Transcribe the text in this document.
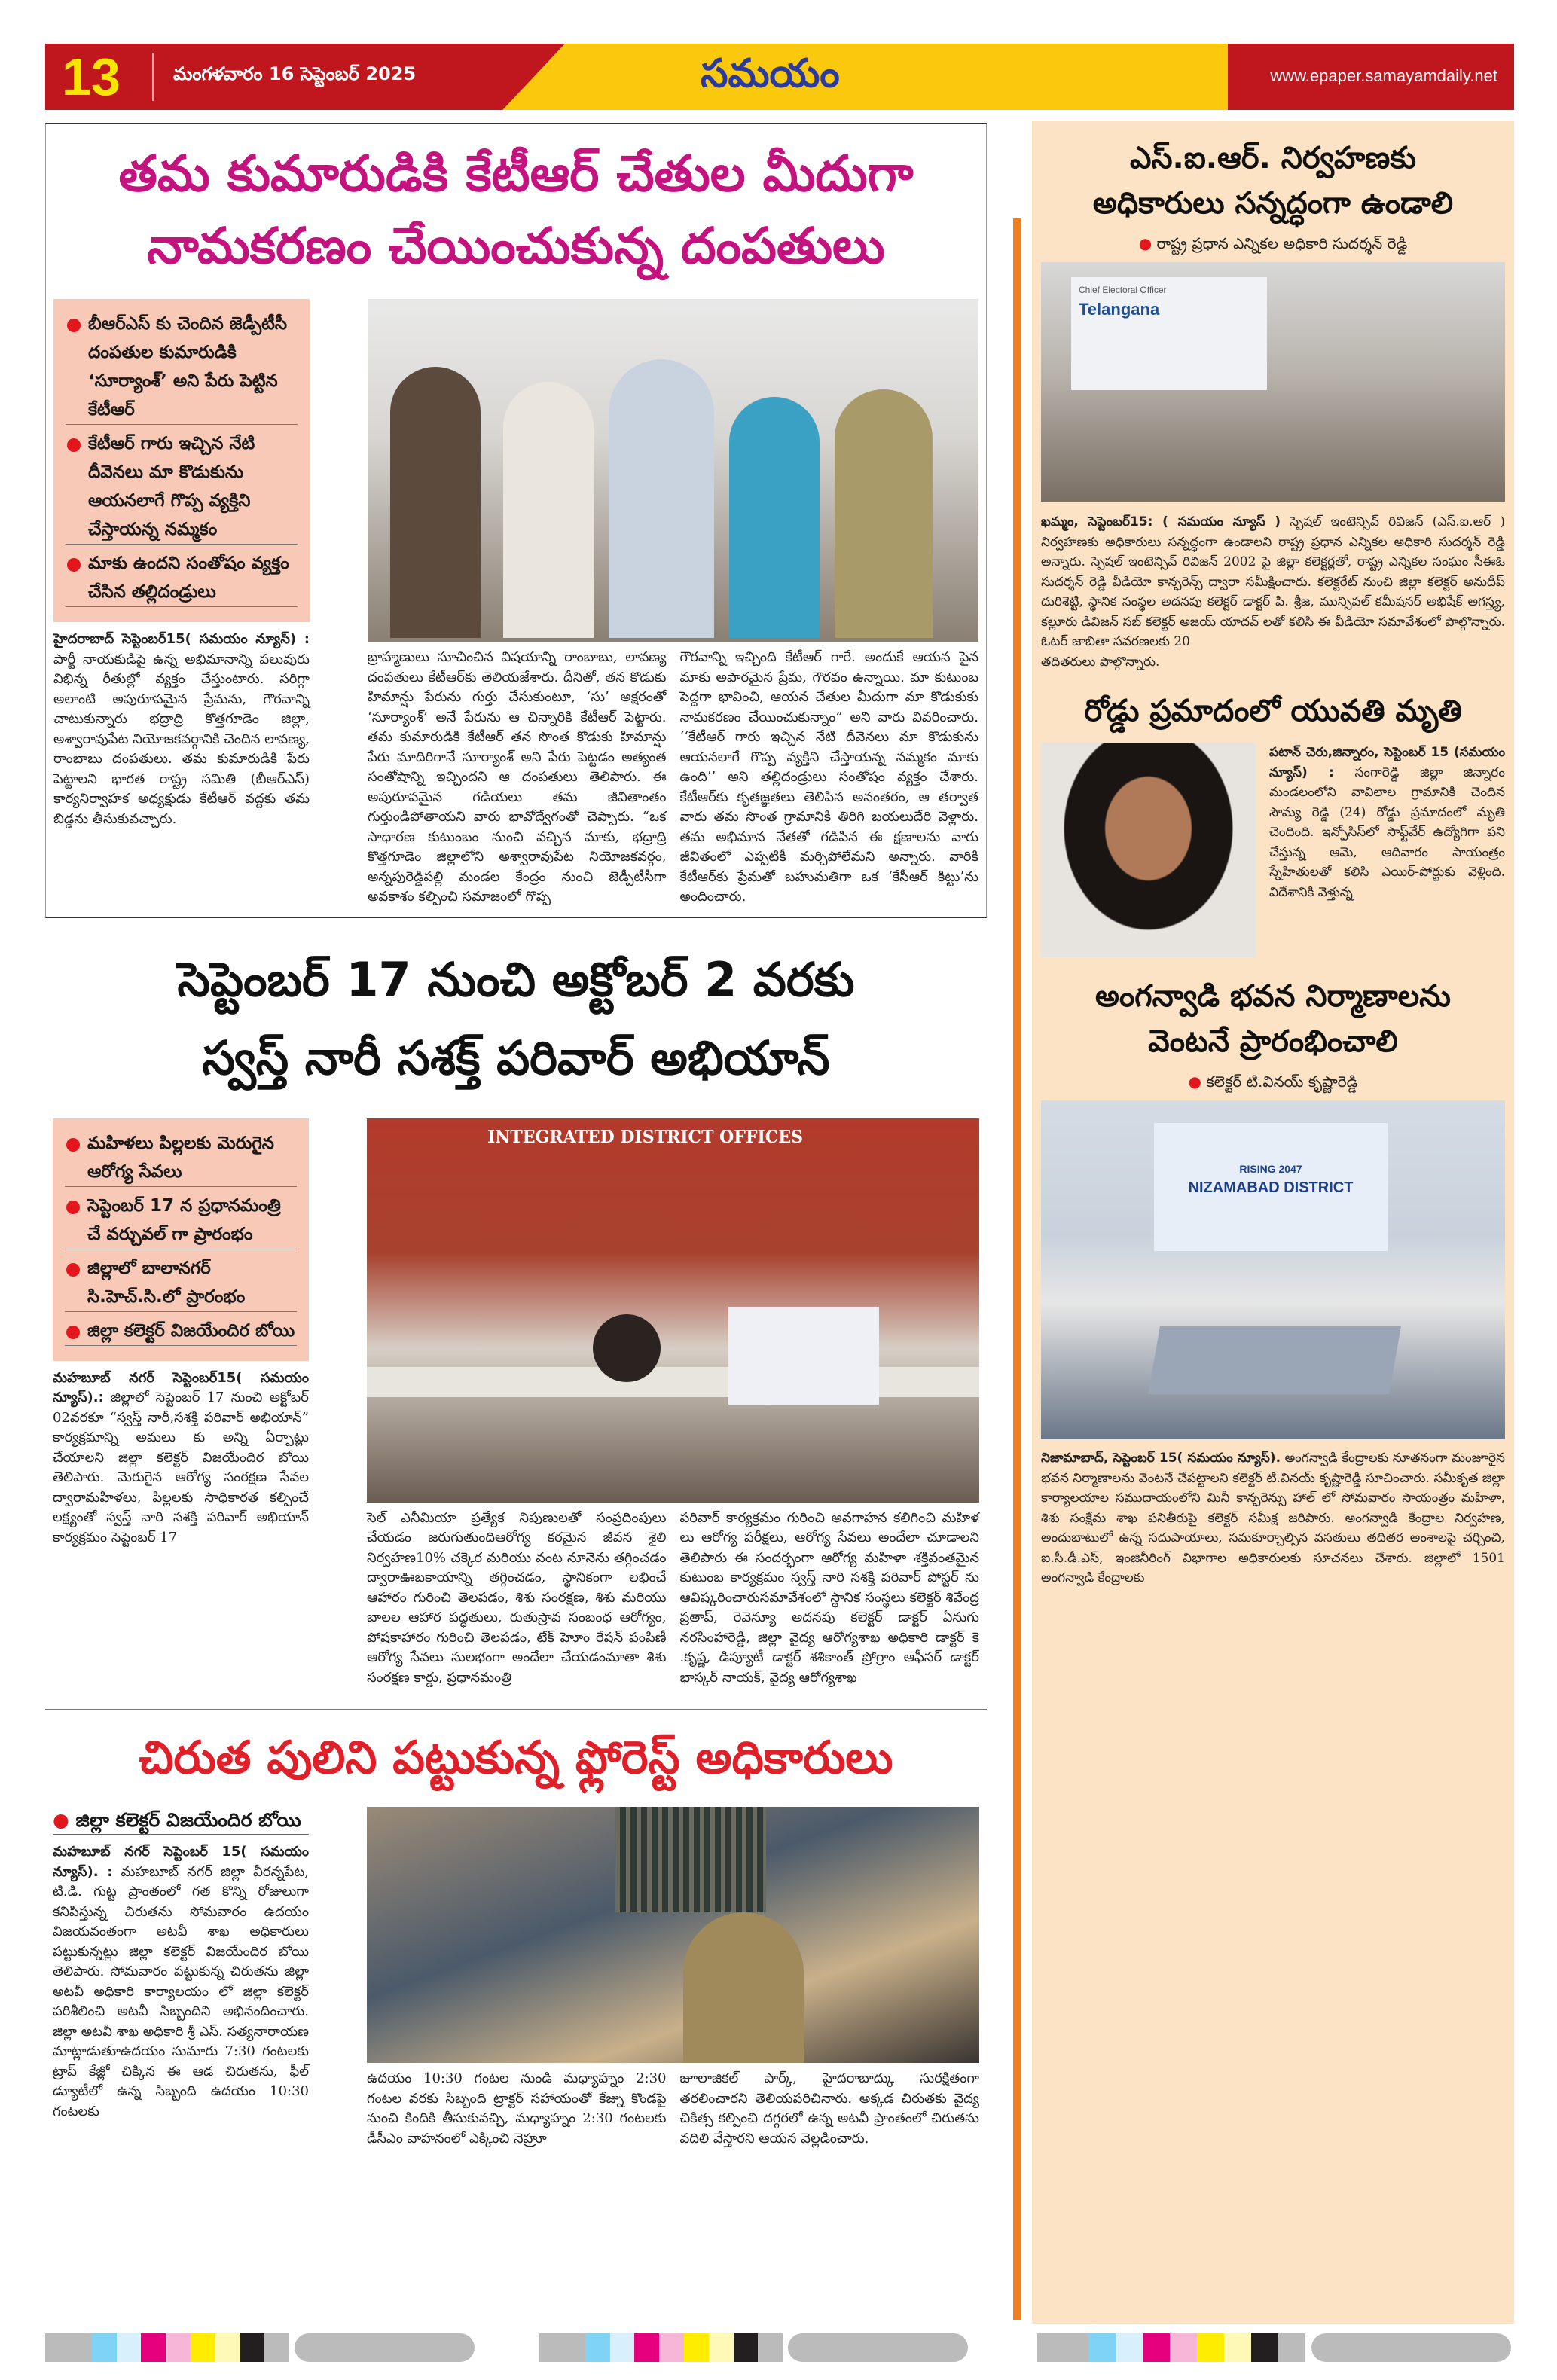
13	మంగళవారం 16 సెప్టెంబర్ 2025	సమయం	www.epaper.samayamdaily.net
తమ కుమారుడికి కేటీఆర్ చేతుల మీదుగా
నామకరణం చేయించుకున్న దంపతులు
బీఆర్ఎస్ కు చెందిన జెడ్పీటీసీ దంపతుల కుమారుడికి ‘సూర్యాంశ్’ అని పేరు పెట్టిన కేటీఆర్
కేటీఆర్ గారు ఇచ్చిన నేటి దీవెనలు మా కొడుకును ఆయనలాగే గొప్ప వ్యక్తిని చేస్తాయన్న నమ్మకం
మాకు ఉందని సంతోషం వ్యక్తం చేసిన తల్లిదండ్రులు
హైదరాబాద్ సెప్టెంబర్15( సమయం న్యూస్) : పార్టీ నాయకుడిపై ఉన్న అభిమానాన్ని పలువురు విభిన్న రీతుల్లో వ్యక్తం చేస్తుంటారు. సరిగ్గా అలాంటి అపురూపమైన ప్రేమను, గౌరవాన్ని చాటుకున్నారు భద్రాద్రి కొత్తగూడెం జిల్లా, అశ్వారావుపేట నియోజకవర్గానికి చెందిన లావణ్య, రాంబాబు దంపతులు. తమ కుమారుడికి పేరు పెట్టాలని భారత రాష్ట్ర సమితి (బీఆర్ఎస్) కార్యనిర్వాహక అధ్యక్షుడు కేటీఆర్ వద్దకు తమ బిడ్డను తీసుకువచ్చారు.
బ్రాహ్మణులు సూచించిన విషయాన్ని రాంబాబు, లావణ్య దంపతులు కేటీఆర్‌కు తెలియజేశారు. దీనితో, తన కొడుకు హిమాన్షు పేరును గుర్తు చేసుకుంటూ, ‘సు’ అక్షరంతో ‘సూర్యాంశ్’ అనే పేరును ఆ చిన్నారికి కేటీఆర్ పెట్టారు. తమ కుమారుడికి కేటీఆర్ తన సొంత కొడుకు హిమాన్షు పేరు మాదిరిగానే సూర్యాంశ్ అని పేరు పెట్టడం అత్యంత సంతోషాన్ని ఇచ్చిందని ఆ దంపతులు తెలిపారు. ఈ అపురూపమైన గడియలు తమ జీవితాంతం గుర్తుండిపోతాయని వారు భావోద్వేగంతో చెప్పారు. “ఒక సాధారణ కుటుంబం నుంచి వచ్చిన మాకు, భద్రాద్రి కొత్తగూడెం జిల్లాలోని అశ్వారావుపేట నియోజకవర్గం, అన్నపురెడ్డిపల్లి మండల కేంద్రం నుంచి జెడ్పీటీసీగా అవకాశం కల్పించి సమాజంలో గొప్ప
గౌరవాన్ని ఇచ్చింది కేటీఆర్ గారే. అందుకే ఆయన పైన మాకు అపారమైన ప్రేమ, గౌరవం ఉన్నాయి. మా కుటుంబ పెద్దగా భావించి, ఆయన చేతుల మీదుగా మా కొడుకుకు నామకరణం చేయించుకున్నాం” అని వారు వివరించారు. ‘‘కేటీఆర్ గారు ఇచ్చిన నేటి దీవెనలు మా కొడుకును ఆయనలాగే గొప్ప వ్యక్తిని చేస్తాయన్న నమ్మకం మాకు ఉంది’’ అని తల్లిదండ్రులు సంతోషం వ్యక్తం చేశారు. కేటీఆర్‌కు కృతజ్ఞతలు తెలిపిన అనంతరం, ఆ తర్వాత వారు తమ సొంత గ్రామానికి తిరిగి బయలుదేరి వెళ్లారు. తమ అభిమాన నేతతో గడిపిన ఈ క్షణాలను వారు జీవితంలో ఎప్పటికీ మర్చిపోలేమని అన్నారు. వారికి కేటీఆర్‌కు ప్రేమతో బహుమతిగా ఒక ‘కేసీఆర్ కిట్టు’ను అందించారు.
సెప్టెంబర్ 17 నుంచి అక్టోబర్ 2 వరకు
స్వస్త్ నారీ సశక్త్ పరివార్ అభియాన్
మహిళలు పిల్లలకు మెరుగైన ఆరోగ్య సేవలు
సెప్టెంబర్ 17 న ప్రధానమంత్రి చే వర్చువల్ గా ప్రారంభం
జిల్లాలో బాలానగర్ సి.హెచ్.సి.లో ప్రారంభం
జిల్లా కలెక్టర్ విజయేందిర బోయి
మహబూబ్ నగర్ సెప్టెంబర్15( సమయం న్యూస్).: జిల్లాలో సెప్టెంబర్ 17 నుంచి అక్టోబర్ 02వరకూ “స్వస్త్ నారీ,సశక్తి పరివార్ అభియాన్” కార్యక్రమాన్ని అమలు కు అన్ని ఏర్పాట్లు చేయాలని జిల్లా కలెక్టర్ విజయేందిర బోయి తెలిపారు. మెరుగైన ఆరోగ్య సంరక్షణ సేవల ద్వారామహిళలు, పిల్లలకు సాధికారత కల్పించే లక్ష్యంతో స్వస్త్ నారి సశక్తి పరివార్ అభియాన్ కార్యక్రమం సెప్టెంబర్ 17
INTEGRATED DISTRICT OFFICES
సెల్ ఎనీమియా ప్రత్యేక నిపుణులతో సంప్రదింపులు చేయడం జరుగుతుందిఆరోగ్య కరమైన జీవన శైలి నిర్వహణ10% చక్కెర మరియు వంట నూనెను తగ్గించడం ద్వారాఊబకాయాన్ని తగ్గించడం, స్థానికంగా లభించే ఆహారం గురించి తెలపడం, శిశు సంరక్షణ, శిశు మరియు బాలల ఆహార పద్ధతులు, రుతుస్రావ సంబంధ ఆరోగ్యం, పోషకాహారం గురించి తెలపడం, టేక్ హెూం రేషన్ పంపిణీ ఆరోగ్య సేవలు సులభంగా అందేలా చేయడంమాతా శిశు సంరక్షణ కార్డు, ప్రధానమంత్రి
పరివార్ కార్యక్రమం గురించి అవగాహన కలిగించి మహిళ లు ఆరోగ్య పరీక్షలు, ఆరోగ్య సేవలు అందేలా చూడాలని తెలిపారు ఈ సందర్భంగా ఆరోగ్య మహిళా శక్తివంతమైన కుటుంబ కార్యక్రమం స్వస్త్ నారి సశక్తి పరివార్ పోస్టర్ ను ఆవిష్కరించారుసమావేశంలో స్థానిక సంస్థలు కలెక్టర్ శివేంద్ర ప్రతాప్, రెవెన్యూ అదనపు కలెక్టర్ డాక్టర్ ఏనుగు నరసింహారెడ్డి, జిల్లా వైద్య ఆరోగ్యశాఖ అధికారి డాక్టర్ కె .కృష్ణ, డిప్యూటీ డాక్టర్ శశికాంత్ ప్రోగ్రాం ఆఫీసర్ డాక్టర్ భాస్కర్ నాయక్, వైద్య ఆరోగ్యశాఖ
చిరుత పులిని పట్టుకున్న ఫ్లోరెస్ట్ అధికారులు
● జిల్లా కలెక్టర్ విజయేందిర బోయి
మహబూబ్ నగర్ సెప్టెంబర్ 15( సమయం న్యూస్). : మహబూబ్ నగర్ జిల్లా వీరన్నపేట, టి.డి. గుట్ట ప్రాంతంలో గత కొన్ని రోజులుగా కనిపిస్తున్న చిరుతను సోమవారం ఉదయం విజయవంతంగా అటవీ శాఖ అధికారులు పట్టుకున్నట్లు జిల్లా కలెక్టర్ విజయేందిర బోయి తెలిపారు. సోమవారం పట్టుకున్న చిరుతను జిల్లా అటవీ అధికారి కార్యాలయం లో జిల్లా కలెక్టర్ పరిశీలించి అటవీ సిబ్బందిని అభినందించారు. జిల్లా అటవీ శాఖ అధికారి శ్రీ ఎస్. సత్యనారాయణ మాట్లాడుతూఉదయం సుమారు 7:30 గంటలకు ట్రాప్ కేజ్లో చిక్కిన ఈ ఆడ చిరుతను, ఫీల్ డ్యూటీలో ఉన్న సిబ్బంది ఉదయం 10:30 గంటలకు
ఉదయం 10:30 గంటల నుండి మధ్యాహ్నం 2:30 గంటల వరకు సిబ్బంది ట్రాక్టర్ సహాయంతో కేజ్ను కొండపై నుంచి కిందికి తీసుకువచ్చి, మధ్యాహ్నం 2:30 గంటలకు డీసీఎం వాహనంలో ఎక్కించి నెహ్రూ
జూలాజికల్ పార్క్, హైదరాబాద్కు సురక్షితంగా తరలించారని తెలియపరిచినారు. అక్కడ చిరుతకు వైద్య చికిత్స కల్పించి దగ్గరలో ఉన్న అటవీ ప్రాంతంలో చిరుతను వదిలి వేస్తారని ఆయన వెల్లడించారు.
ఎస్.ఐ.ఆర్. నిర్వహణకు
అధికారులు సన్నద్ధంగా ఉండాలి
● రాష్ట్ర ప్రధాన ఎన్నికల అధికారి సుదర్శన్ రెడ్డి
Chief Electoral Officer
Telangana
ఖమ్మం, సెప్టెంబర్15: ( సమయం న్యూస్ ) స్పెషల్ ఇంటెన్సివ్ రివిజన్ (ఎస్.ఐ.ఆర్ ) నిర్వహణకు అధికారులు సన్నద్ధంగా ఉండాలని రాష్ట్ర ప్రధాన ఎన్నికల అధికారి సుదర్శన్ రెడ్డి అన్నారు. స్పెషల్ ఇంటెన్సివ్ రివిజన్ 2002 పై జిల్లా కలెక్టర్లతో, రాష్ట్ర ఎన్నికల సంఘం సీఈఓ సుదర్శన్ రెడ్డి వీడియో కాన్ఫరెన్స్ ద్వారా సమీక్షించారు. కలెక్టరేట్ నుంచి జిల్లా కలెక్టర్ అనుదీప్ దురిశెట్టి, స్థానిక సంస్థల అదనపు కలెక్టర్ డాక్టర్ పి. శ్రీజ, మున్సిపల్ కమీషనర్ అభిషేక్ అగస్త్య, కల్లూరు డివిజన్ సబ్ కలెక్టర్ అజయ్ యాదవ్ లతో కలిసి ఈ వీడియో సమావేశంలో పాల్గొన్నారు. ఓటర్ జాబితా సవరణలకు 20
తదితరులు పాల్గొన్నారు.
రోడ్డు ప్రమాదంలో యువతి మృతి
పటాన్ చెరు,జిన్నారం, సెప్టెంబర్ 15 (సమయం న్యూస్) : సంగారెడ్డి జిల్లా జిన్నారం మండలంలోని వావిలాల గ్రామానికి చెందిన సౌమ్య రెడ్డి (24) రోడ్డు ప్రమాదంలో మృతి చెందింది. ఇన్ఫోసిస్‌లో సాఫ్ట్‌వేర్ ఉద్యోగిగా పని చేస్తున్న ఆమె, ఆదివారం సాయంత్రం స్నేహితులతో కలిసి ఎయిర్-పోర్టుకు వెళ్లింది. విదేశానికి వెళ్తున్న
అంగన్వాడి భవన నిర్మాణాలను
వెంటనే ప్రారంభించాలి
● కలెక్టర్ టి.వినయ్ కృష్ణారెడ్డి
RISING 2047
NIZAMABAD DISTRICT
నిజామాబాద్, సెప్టెంబర్ 15( సమయం న్యూస్). అంగన్వాడి కేంద్రాలకు నూతనంగా మంజూరైన భవన నిర్మాణాలను వెంటనే చేపట్టాలని కలెక్టర్ టి.వినయ్ కృష్ణారెడ్డి సూచించారు. సమీకృత జిల్లా కార్యాలయాల సముదాయంలోని మినీ కాన్ఫరెన్సు హాల్ లో సోమవారం సాయంత్రం మహిళా, శిశు సంక్షేమ శాఖ పనితీరుపై కలెక్టర్ సమీక్ష జరిపారు. అంగన్వాడి కేంద్రాల నిర్వహణ, అందుబాటులో ఉన్న సదుపాయాలు, సమకూర్చాల్సిన వసతులు తదితర అంశాలపై చర్చించి, ఐ.సీ.డీ.ఎస్, ఇంజినీరింగ్ విభాగాల అధికారులకు సూచనలు చేశారు. జిల్లాలో 1501 అంగన్వాడి కేంద్రాలకు
